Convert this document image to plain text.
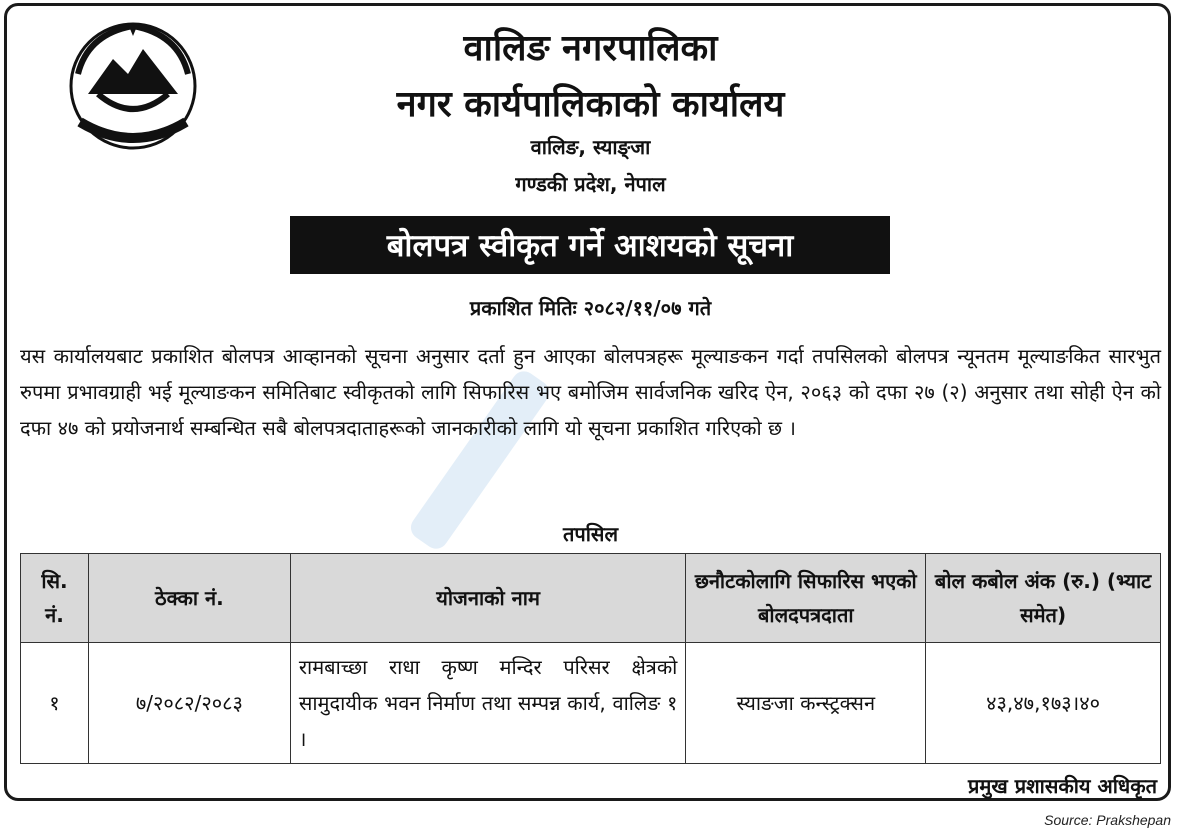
वालिङ नगरपालिका
नगर कार्यपालिकाको कार्यालय
वालिङ, स्याङ्जा
गण्डकी प्रदेश, नेपाल
बोलपत्र स्वीकृत गर्ने आशयको सूचना
प्रकाशित मितिः २०८२/११/०७ गते
यस कार्यालयबाट प्रकाशित बोलपत्र आव्हानको सूचना अनुसार दर्ता हुन आएका बोलपत्रहरू मूल्याङकन गर्दा तपसिलको बोलपत्र न्यूनतम मूल्याङकित सारभुत रुपमा प्रभावग्राही भई मूल्याङकन समितिबाट स्वीकृतको लागि सिफारिस भए बमोजिम सार्वजनिक खरिद ऐन, २०६३ को दफा २७ (२) अनुसार तथा सोही ऐन को दफा ४७ को प्रयोजनार्थ सम्बन्धित सबै बोलपत्रदाताहरूको जानकारीको लागि यो सूचना प्रकाशित गरिएको छ ।
तपसिल
सि. नं.	ठेक्का नं.	योजनाको नाम	छनौटकोलागि सिफारिस भएको बोलदपत्रदाता	बोल कबोल अंक (रु.) (भ्याट समेत)
१	७/२०८२/२०८३	रामबाच्छा राधा कृष्ण मन्दिर परिसर क्षेत्रको सामुदायीक भवन निर्माण तथा सम्पन्न कार्य, वालिङ १ ।	स्याङजा कन्स्ट्रक्सन	४३,४७,१७३।४०
प्रमुख प्रशासकीय अधिकृत
Source: Prakshepan
